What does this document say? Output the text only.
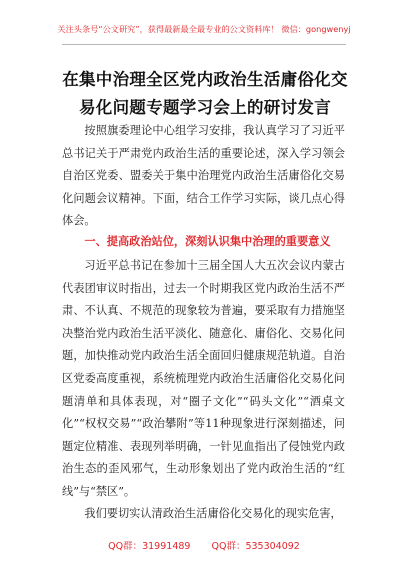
关注头条号“公文研究”，获得最新最全最专业的公文资料库！ 微信：gongwenyj
在集中治理全区党内政治生活庸俗化交易化问题专题学习会上的研讨发言

按照旗委理论中心组学习安排，我认真学习了习近平总书记关于严肃党内政治生活的重要论述，深入学习领会自治区党委、盟委关于集中治理党内政治生活庸俗化交易化问题会议精神。下面，结合工作学习实际，谈几点心得体会。

一、提高政治站位，深刻认识集中治理的重要意义

习近平总书记在参加十三届全国人大五次会议内蒙古代表团审议时指出，过去一个时期我区党内政治生活不严肃、不认真、不规范的现象较为普遍，要采取有力措施坚决整治党内政治生活平淡化、随意化、庸俗化、交易化问题，加快推动党内政治生活全面回归健康规范轨道。自治区党委高度重视，系统梳理党内政治生活庸俗化交易化问题清单和具体表现，对“圈子文化”“码头文化”“酒桌文化”“权权交易”“政治攀附”等11种现象进行深刻描述，问题定位精准、表现列举明确，一针见血指出了侵蚀党内政治生态的歪风邪气，生动形象划出了党内政治生活的“红线”与“禁区”。

我们要切实认清政治生活庸俗化交易化的现实危害，

QQ群：31991489 QQ群：535304092
